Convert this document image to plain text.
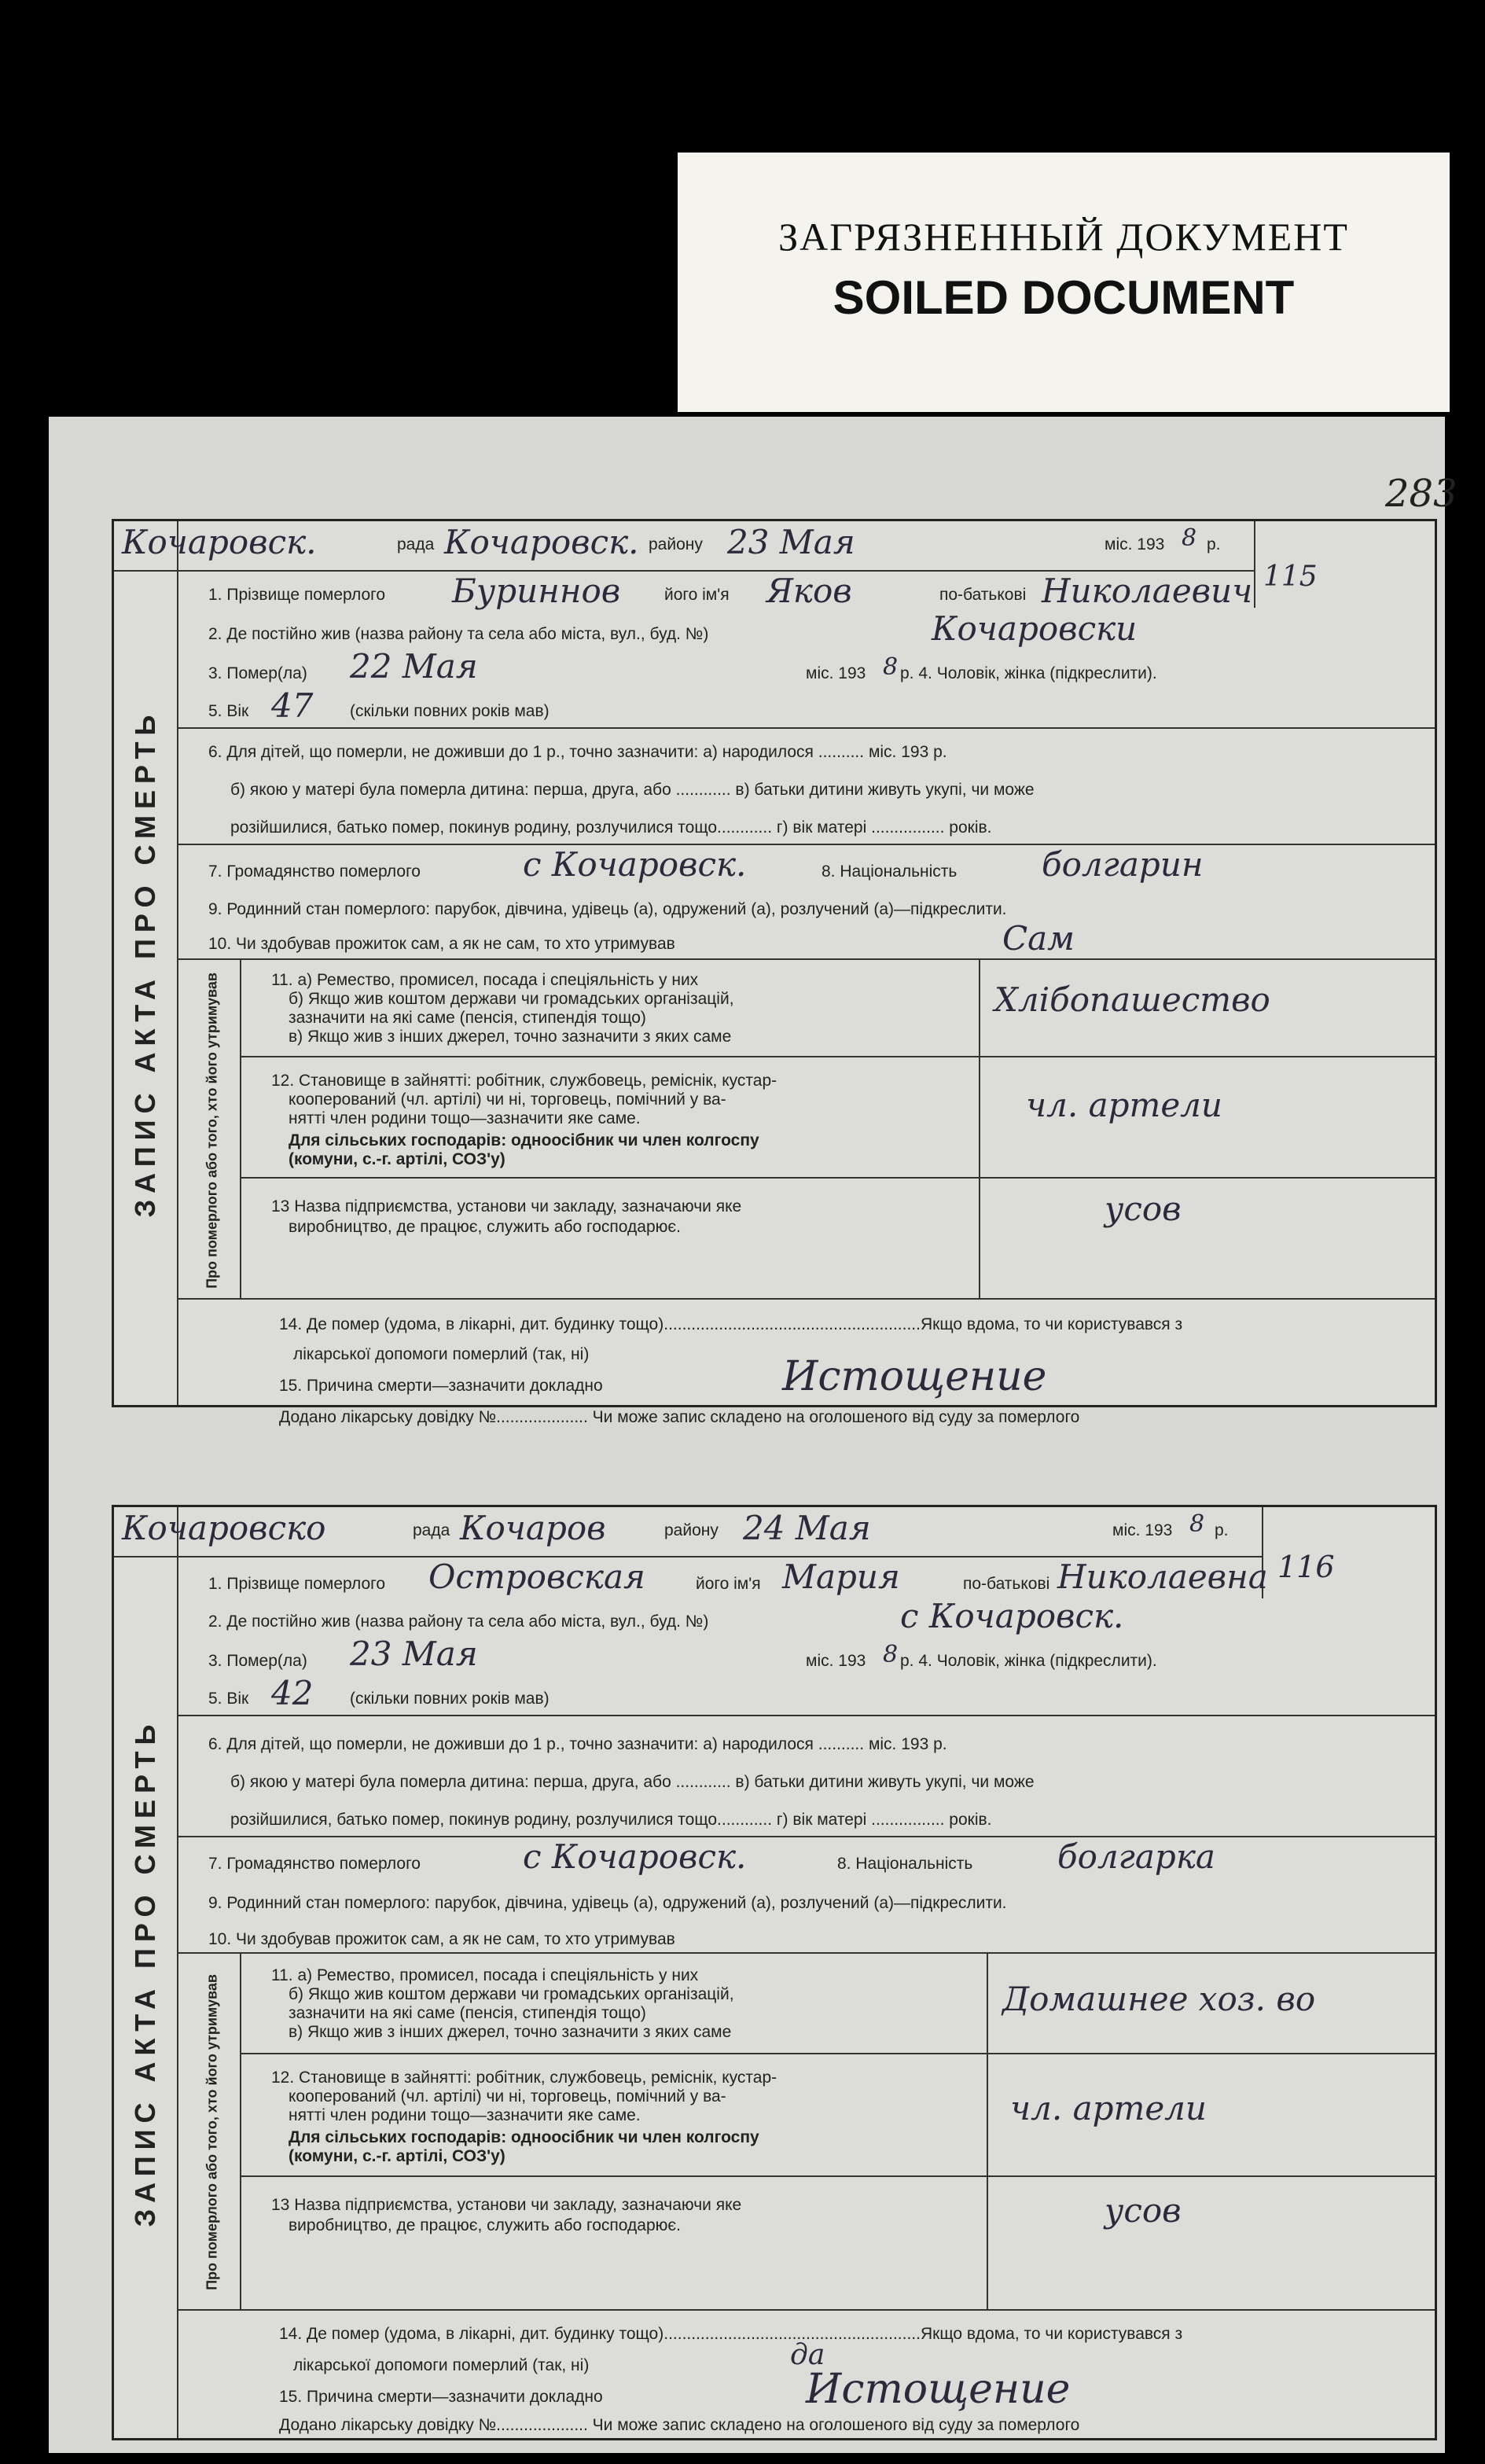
ЗАГРЯЗНЕННЫЙ ДОКУМЕНТ
SOILED DOCUMENT
283
ЗАПИС АКТА ПРО СМЕРТЬ
Кочаровск.	рада Кочаровск. району 23 Мая	міс. 193 8 р.
115
1. Прізвище померлого Буриннов	його ім'я Яков	по-батькові Николаевич
2. Де постійно жив (назва району та села або міста, вул., буд. №)	Кочаровски
3. Помер(ла) 22 Мая	міс. 193 8 р. 4. Чоловік, жінка (підкреслити).
5. Вік 47 (скільки повних років мав)
6. Для дітей, що померли, не доживши до 1 р., точно зазначити: а) народилося .......... міс. 193 р.
б) якою у матері була померла дитина: перша, друга, або ............ в) батьки дитини живуть укупі, чи може
розійшилися, батько помер, покинув родину, розлучилися тощо............ г) вік матері ................ років.
7. Громадянство померлого	с Кочаровск.	8. Національність	болгарин
9. Родинний стан померлого: парубок, дівчина, удівець (а), одружений (а), розлучений (а)—підкреслити.
10. Чи здобував прожиток сам, а як не сам, то хто утримував	Сам
Про померлого або того, хто його утримував	11. а) Ремество, промисел, посада і спеціяльність у них
б) Якщо жив коштом держави чи громадських організацій,
зазначити на які саме (пенсія, стипендія тощо)
в) Якщо жив з інших джерел, точно зазначити з яких саме
Хлібопашество
12. Становище в зайнятті: робітник, службовець, реміснік, кустар-
кооперований (чл. артілі) чи ні, торговець, помічний у ва-
нятті член родини тощо—зазначити яке саме.
Для сільських господарів: одноосібник чи член колгоспу
(комуни, с.-г. артілі, СОЗ'у)
чл. артели
13 Назва підприємства, установи чи закладу, зазначаючи яке
виробництво, де працює, служить або господарює.	усов
14. Де помер (удома, в лікарні, дит. будинку тощо)........................................................Якщо вдома, то чи користувався з
лікарської допомоги померлий (так, ні)
15. Причина смерти—зазначити докладно	Истощение
Додано лікарську довідку №.................... Чи може запис складено на оголошеного від суду за померлого
ЗАПИС АКТА ПРО СМЕРТЬ
Кочаровско	рада Кочаров	району 24 Мая	міс. 193 8 р.
116
1. Прізвище померлого Островская	його ім'я Мария	по-батькові Николаевна
2. Де постійно жив (назва району та села або міста, вул., буд. №)	с Кочаровск.
3. Помер(ла) 23 Мая	міс. 193 8 р. 4. Чоловік, жінка (підкреслити).
5. Вік 42 (скільки повних років мав)
6. Для дітей, що померли, не доживши до 1 р., точно зазначити: а) народилося .......... міс. 193 р.
б) якою у матері була померла дитина: перша, друга, або ............ в) батьки дитини живуть укупі, чи може
розійшилися, батько помер, покинув родину, розлучилися тощо............ г) вік матері ................ років.
7. Громадянство померлого	с Кочаровск.	8. Національність	болгарка
9. Родинний стан померлого: парубок, дівчина, удівець (а), одружений (а), розлучений (а)—підкреслити.
10. Чи здобував прожиток сам, а як не сам, то хто утримував
Про померлого або того, хто його утримував	11. а) Ремество, промисел, посада і спеціяльність у них
б) Якщо жив коштом держави чи громадських організацій,
зазначити на які саме (пенсія, стипендія тощо)
в) Якщо жив з інших джерел, точно зазначити з яких саме
Домашнее хоз. во
12. Становище в зайнятті: робітник, службовець, реміснік, кустар-
кооперований (чл. артілі) чи ні, торговець, помічний у ва-
нятті член родини тощо—зазначити яке саме.
Для сільських господарів: одноосібник чи член колгоспу
(комуни, с.-г. артілі, СОЗ'у)
чл. артели
13 Назва підприємства, установи чи закладу, зазначаючи яке
виробництво, де працює, служить або господарює.	усов
14. Де помер (удома, в лікарні, дит. будинку тощо)........................................................Якщо вдома, то чи користувався з
лікарської допомоги померлий (так, ні)	да
15. Причина смерти—зазначити докладно	Истощение
Додано лікарську довідку №.................... Чи може запис складено на оголошеного від суду за померлого
